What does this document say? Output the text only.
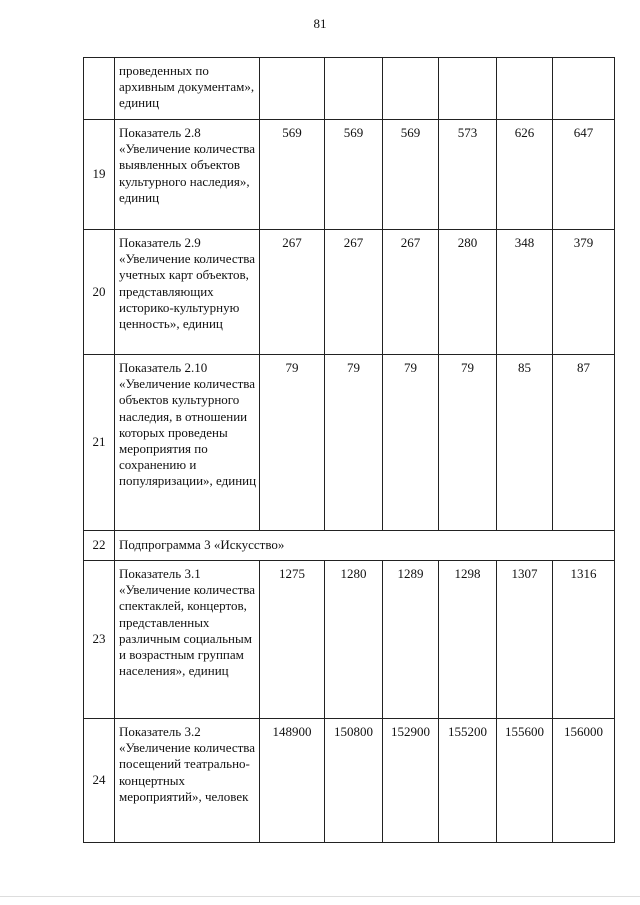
81
	проведенных по архивным документам», единиц						
19	Показатель 2.8 «Увеличение количества выявленных объектов культурного наследия», единиц	569	569	569	573	626	647
20	Показатель 2.9 «Увеличение количества учетных карт объектов, представляющих историко-культурную ценность», единиц	267	267	267	280	348	379
21	Показатель 2.10 «Увеличение количества объектов культурного наследия, в отношении которых проведены мероприятия по сохранению и популяризации», единиц	79	79	79	79	85	87
22	Подпрограмма 3 «Искусство»						
23	Показатель 3.1 «Увеличение количества спектаклей, концертов, представленных различным социальным и возрастным группам населения», единиц	1275	1280	1289	1298	1307	1316
24	Показатель 3.2 «Увеличение количества посещений театрально-концертных мероприятий», человек	148900	150800	152900	155200	155600	156000
